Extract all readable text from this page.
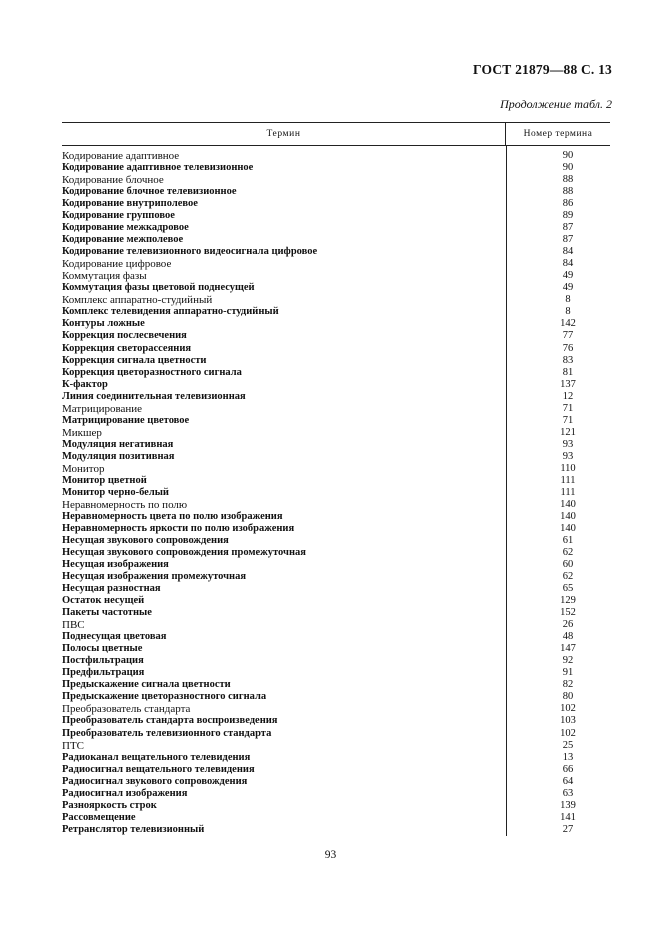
ГОСТ 21879—88 С. 13
Продолжение табл. 2
Термин	Номер термина
Кодирование адаптивное	90
Кодирование адаптивное телевизионное	90
Кодирование блочное	88
Кодирование блочное телевизионное	88
Кодирование внутриполевое	86
Кодирование групповое	89
Кодирование межкадровое	87
Кодирование межполевое	87
Кодирование телевизионного видеосигнала цифровое	84
Кодирование цифровое	84
Коммутация фазы	49
Коммутация фазы цветовой поднесущей	49
Комплекс аппаратно-студийный	8
Комплекс телевидения аппаратно-студийный	8
Контуры ложные	142
Коррекция послесвечения	77
Коррекция светорассеяния	76
Коррекция сигнала цветности	83
Коррекция цветоразностного сигнала	81
К-фактор	137
Линия соединительная телевизионная	12
Матрицирование	71
Матрицирование цветовое	71
Микшер	121
Модуляция негативная	93
Модуляция позитивная	93
Монитор	110
Монитор цветной	111
Монитор черно-белый	111
Неравномерность по полю	140
Неравномерность цвета по полю изображения	140
Неравномерность яркости по полю изображения	140
Несущая звукового сопровождения	61
Несущая звукового сопровождения промежуточная	62
Несущая изображения	60
Несущая изображения промежуточная	62
Несущая разностная	65
Остаток несущей	129
Пакеты частотные	152
ПВС	26
Поднесущая цветовая	48
Полосы цветные	147
Постфильтрация	92
Предфильтрация	91
Предыскажение сигнала цветности	82
Предыскажение цветоразностного сигнала	80
Преобразователь стандарта	102
Преобразователь стандарта воспроизведения	103
Преобразователь телевизионного стандарта	102
ПТС	25
Радиоканал вещательного телевидения	13
Радиосигнал вещательного телевидения	66
Радиосигнал звукового сопровождения	64
Радиосигнал изображения	63
Разнояркость строк	139
Рассовмещение	141
Ретранслятор телевизионный	27
93
